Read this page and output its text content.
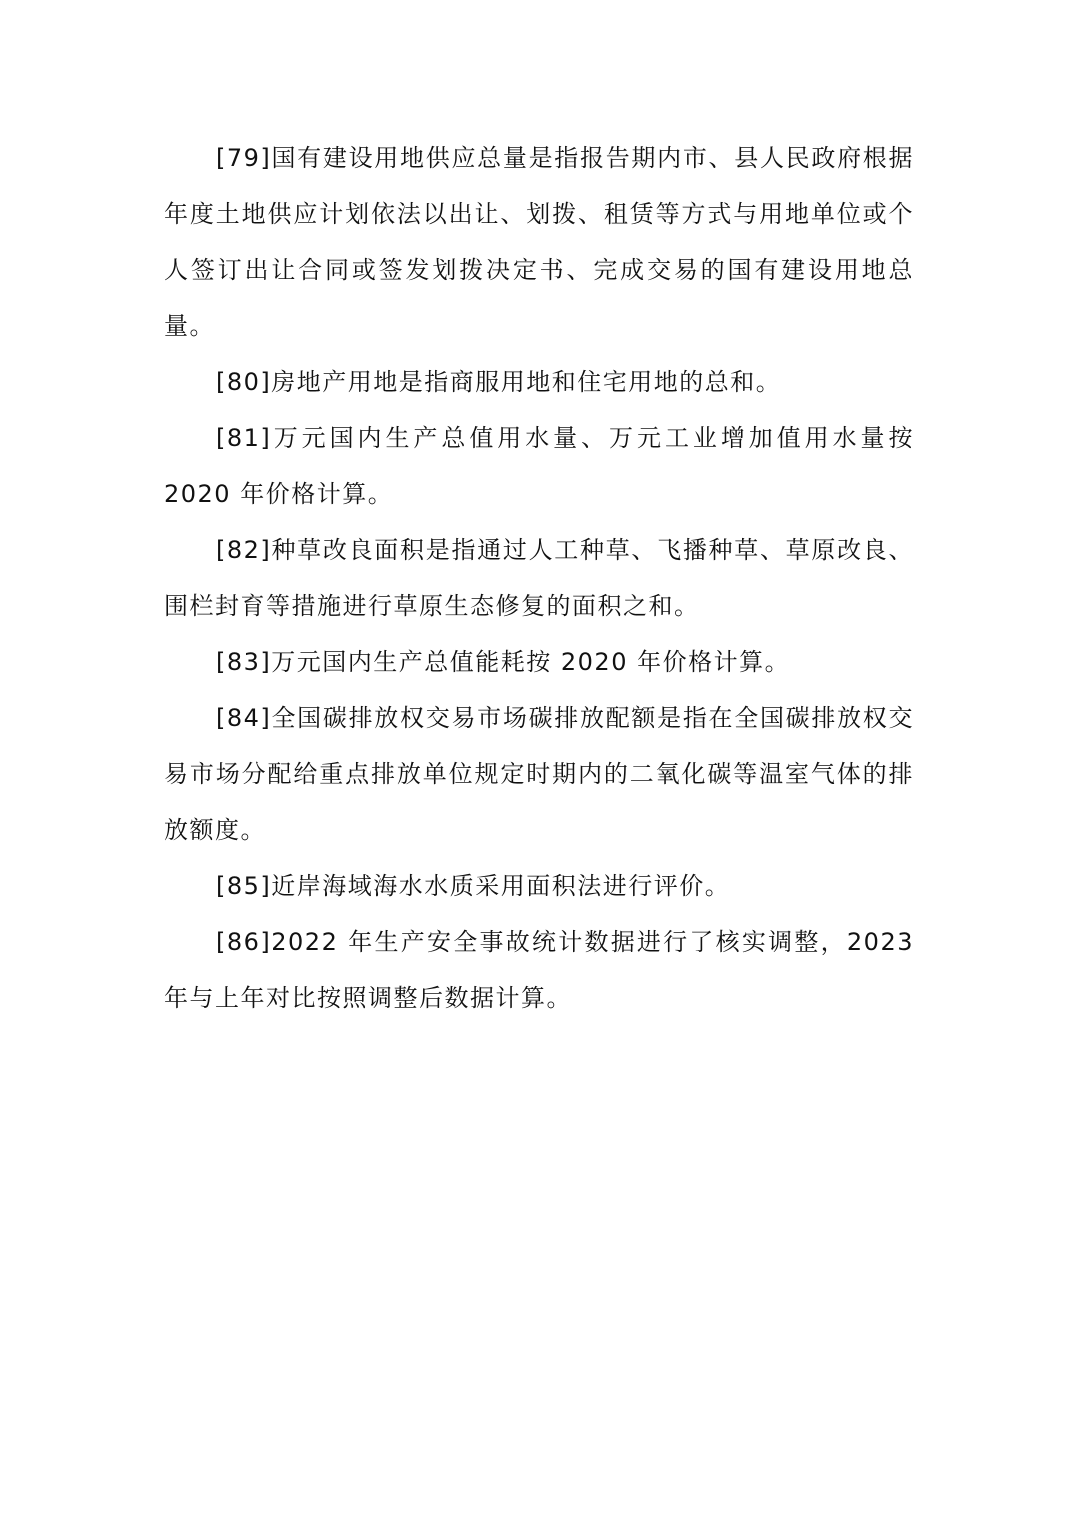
[79]国有建设用地供应总量是指报告期内市、县人民政府根据年度土地供应计划依法以出让、划拨、租赁等方式与用地单位或个人签订出让合同或签发划拨决定书、完成交易的国有建设用地总量。

[80]房地产用地是指商服用地和住宅用地的总和。

[81]万元国内生产总值用水量、万元工业增加值用水量按 2020 年价格计算。

[82]种草改良面积是指通过人工种草、飞播种草、草原改良、围栏封育等措施进行草原生态修复的面积之和。

[83]万元国内生产总值能耗按 2020 年价格计算。

[84]全国碳排放权交易市场碳排放配额是指在全国碳排放权交易市场分配给重点排放单位规定时期内的二氧化碳等温室气体的排放额度。

[85]近岸海域海水水质采用面积法进行评价。

[86]2022 年生产安全事故统计数据进行了核实调整，2023 年与上年对比按照调整后数据计算。
